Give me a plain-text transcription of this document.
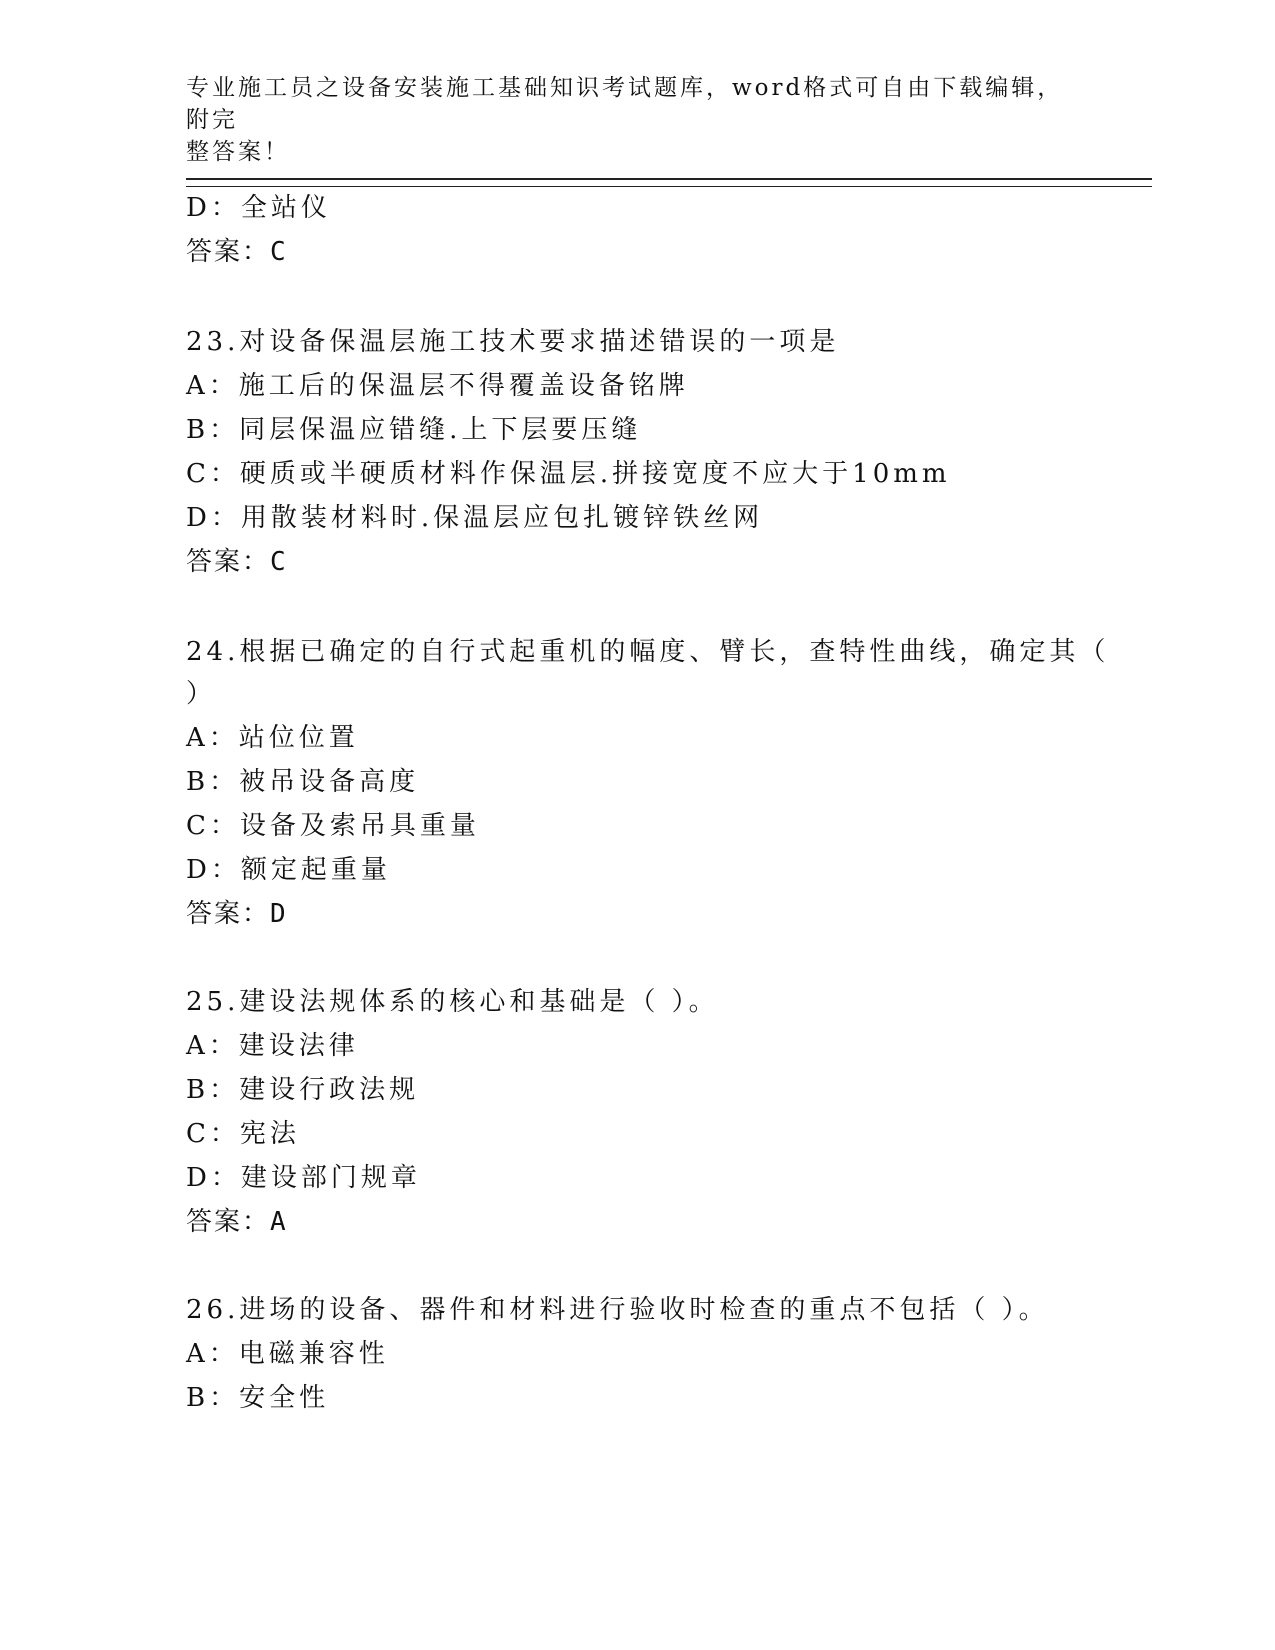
专业施工员之设备安装施工基础知识考试题库，word格式可自由下载编辑，附完
整答案！
D：全站仪
答案：C
23.对设备保温层施工技术要求描述错误的一项是
A：施工后的保温层不得覆盖设备铭牌
B：同层保温应错缝.上下层要压缝
C：硬质或半硬质材料作保温层.拼接宽度不应大于10mm
D：用散装材料时.保温层应包扎镀锌铁丝网
答案：C
24.根据已确定的自行式起重机的幅度、臂长，查特性曲线，确定其（
）
A：站位位置
B：被吊设备高度
C：设备及索吊具重量
D：额定起重量
答案：D
25.建设法规体系的核心和基础是（ ）。
A：建设法律
B：建设行政法规
C：宪法
D：建设部门规章
答案：A
26.进场的设备、器件和材料进行验收时检查的重点不包括（ ）。
A：电磁兼容性
B：安全性
